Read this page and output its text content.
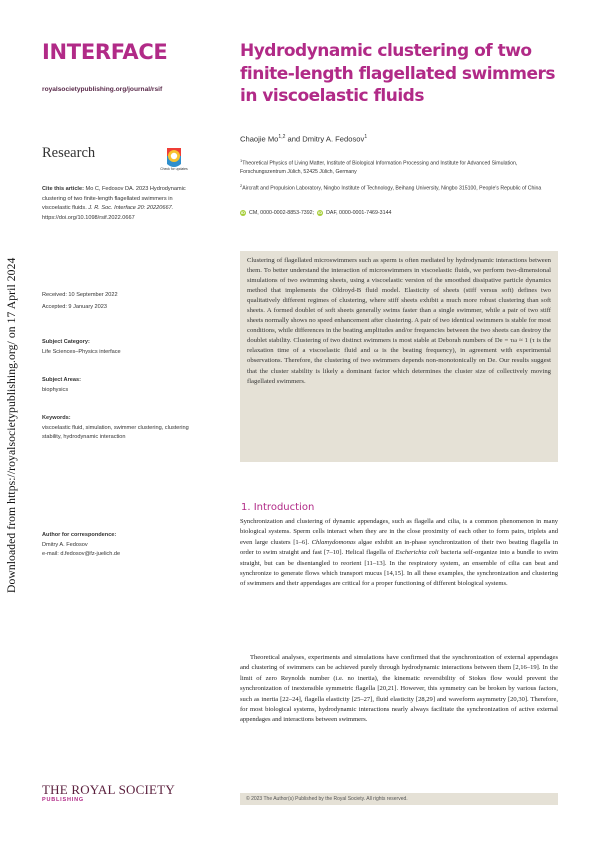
Downloaded from https://royalsocietypublishing.org/ on 17 April 2024
INTERFACE
royalsocietypublishing.org/journal/rsif
Research
Check for updates
Cite this article: Mo C, Fedosov DA. 2023 Hydrodynamic clustering of two finite-length flagellated swimmers in viscoelastic fluids. J. R. Soc. Interface 20: 20220667.
https://doi.org/10.1098/rsif.2022.0667
Received: 10 September 2022
Accepted: 9 January 2023
Subject Category:
Life Sciences–Physics interface
Subject Areas:
biophysics
Keywords:
viscoelastic fluid, simulation, swimmer clustering, clustering stability, hydrodynamic interaction
Author for correspondence:
Dmitry A. Fedosov
e-mail: d.fedosov@fz-juelich.de
Hydrodynamic clustering of two finite-length flagellated swimmers in viscoelastic fluids
Chaojie Mo$^{1,2}$ and Dmitry A. Fedosov$^1$
$^1$Theoretical Physics of Living Matter, Institute of Biological Information Processing and Institute for Advanced Simulation, Forschungszentrum Jülich, 52425 Jülich, Germany
$^2$Aircraft and Propulsion Laboratory, Ningbo Institute of Technology, Beihang University, Ningbo 315100, People's Republic of China
iD CM, 0000-0002-8853-7392; iD DAF, 0000-0001-7469-3144
Clustering of flagellated microswimmers such as sperm is often mediated by hydrodynamic interactions between them. To better understand the interaction of microswimmers in viscoelastic fluids, we perform two-dimensional simulations of two swimming sheets, using a viscoelastic version of the smoothed dissipative particle dynamics method that implements the Oldroyd-B fluid model. Elasticity of sheets (stiff versus soft) defines two qualitatively different regimes of clustering, where stiff sheets exhibit a much more robust clustering than soft sheets. A formed doublet of soft sheets generally swims faster than a single swimmer, while a pair of two stiff sheets normally shows no speed enhancement after clustering. A pair of two identical swimmers is stable for most conditions, while differences in the beating amplitudes and/or frequencies between the two sheets can destroy the doublet stability. Clustering of two distinct swimmers is most stable at Deborah numbers of De = τω ≈ 1 (τ is the relaxation time of a viscoelastic fluid and ω is the beating frequency), in agreement with experimental observations. Therefore, the clustering of two swimmers depends non-monotonically on De. Our results suggest that the cluster stability is likely a dominant factor which determines the cluster size of collectively moving flagellated swimmers.
1. Introduction
Synchronization and clustering of dynamic appendages, such as flagella and cilia, is a common phenomenon in many biological systems. Sperm cells interact when they are in the close proximity of each other to form pairs, triplets and even large clusters [1–6]. Chlamydomonas algae exhibit an in-phase synchronization of their two beating flagella in order to swim straight and fast [7–10]. Helical flagella of Escherichia coli bacteria self-organize into a bundle to swim straight, but can be disentangled to reorient [11–13]. In the respiratory system, an ensemble of cilia can beat and synchronize to generate flows which transport mucus [14,15]. In all these examples, the synchronization and clustering of swimmers and their appendages are critical for a proper functioning of different biological systems.
Theoretical analyses, experiments and simulations have confirmed that the synchronization of external appendages and clustering of swimmers can be achieved purely through hydrodynamic interactions between them [2,16–19]. In the limit of zero Reynolds number (i.e. no inertia), the kinematic reversibility of Stokes flow would prevent the synchronization of inextensible symmetric flagella [20,21]. However, this symmetry can be broken by various factors, such as inertia [22–24], flagella elasticity [25–27], fluid elasticity [28,29] and waveform asymmetry [20,30]. Therefore, for most biological systems, hydrodynamic interactions nearly always facilitate the synchronization of active external appendages and interactions between swimmers.
© 2023 The Author(s) Published by the Royal Society. All rights reserved.
THE ROYAL SOCIETY
PUBLISHING
